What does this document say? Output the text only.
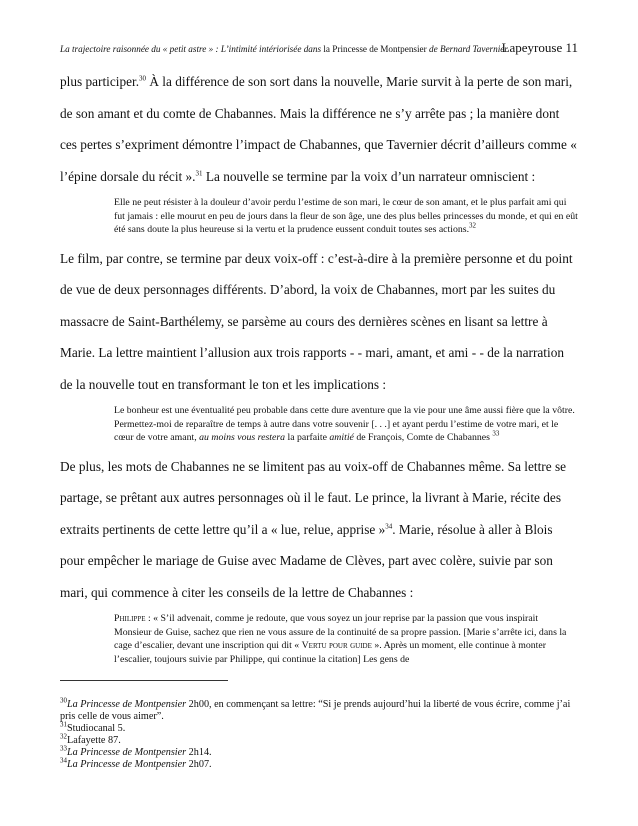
La trajectoire raisonnée du « petit astre » : L’intimité intériorisée dans la Princesse de Montpensier de Bernard Tavernier
Lapeyrouse 11

plus participer.$^{30}$ À la différence de son sort dans la nouvelle, Marie survit à la perte de son mari, de son amant et du comte de Chabannes. Mais la différence ne s’y arrête pas ; la manière dont ces pertes s’expriment démontre l’impact de Chabannes, que Tavernier décrit d’ailleurs comme « l’épine dorsale du récit ».$^{31}$ La nouvelle se termine par la voix d’un narrateur omniscient :

Elle ne peut résister à la douleur d’avoir perdu l’estime de son mari, le cœur de son amant, et le plus parfait ami qui fut jamais : elle mourut en peu de jours dans la fleur de son âge, une des plus belles princesses du monde, et qui en eût été sans doute la plus heureuse si la vertu et la prudence eussent conduit toutes ses actions.$^{32}$

Le film, par contre, se termine par deux voix-off : c’est-à-dire à la première personne et du point de vue de deux personnages différents. D’abord, la voix de Chabannes, mort par les suites du massacre de Saint-Barthélemy, se parsème au cours des dernières scènes en lisant sa lettre à Marie. La lettre maintient l’allusion aux trois rapports - - mari, amant, et ami - - de la narration de la nouvelle tout en transformant le ton et les implications :

Le bonheur est une éventualité peu probable dans cette dure aventure que la vie pour une âme aussi fière que la vôtre. Permettez-moi de reparaître de temps à autre dans votre souvenir [. . .] et ayant perdu l’estime de votre mari, et le cœur de votre amant, au moins vous restera la parfaite amitié de François, Comte de Chabannes $^{33}$

De plus, les mots de Chabannes ne se limitent pas au voix-off de Chabannes même. Sa lettre se partage, se prêtant aux autres personnages où il le faut. Le prince, la livrant à Marie, récite des extraits pertinents de cette lettre qu’il a « lue, relue, apprise »$^{34}$. Marie, résolue à aller à Blois pour empêcher le mariage de Guise avec Madame de Clèves, part avec colère, suivie par son mari, qui commence à citer les conseils de la lettre de Chabannes :

Philippe : « S’il advenait, comme je redoute, que vous soyez un jour reprise par la passion que vous inspirait Monsieur de Guise, sachez que rien ne vous assure de la continuité de sa propre passion. [Marie s’arrête ici, dans la cage d’escalier, devant une inscription qui dit « Vertu pour guide ». Après un moment, elle continue à monter l’escalier, toujours suivie par Philippe, qui continue la citation] Les gens de

$^{30}$La Princesse de Montpensier 2h00, en commençant sa lettre: “Si je prends aujourd’hui la liberté de vous écrire, comme j’ai pris celle de vous aimer”.
$^{31}$Studiocanal 5.
$^{32}$Lafayette 87.
$^{33}$La Princesse de Montpensier 2h14.
$^{34}$La Princesse de Montpensier 2h07.
